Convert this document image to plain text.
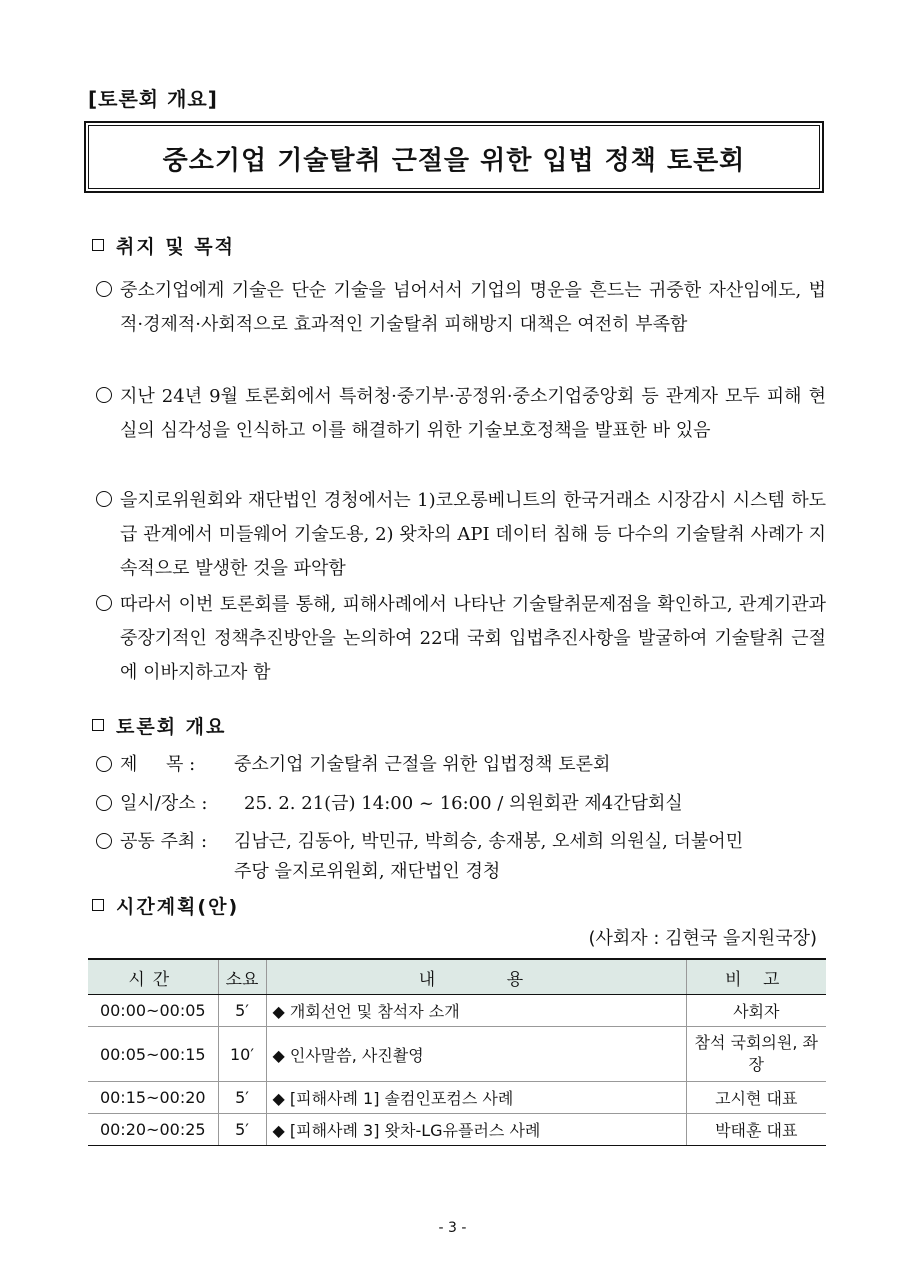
[토론회 개요]
중소기업 기술탈취 근절을 위한 입법 정책 토론회
취지 및 목적
중소기업에게 기술은 단순 기술을 넘어서서 기업의 명운을 흔드는 귀중한 자산임에도, 법적·경제적·사회적으로 효과적인 기술탈취 피해방지 대책은 여전히 부족함
지난 24년 9월 토론회에서 특허청·중기부·공정위·중소기업중앙회 등 관계자 모두 피해 현실의 심각성을 인식하고 이를 해결하기 위한 기술보호정책을 발표한 바 있음
을지로위원회와 재단법인 경청에서는 1)코오롱베니트의 한국거래소 시장감시 시스템 하도급 관계에서 미들웨어 기술도용, 2) 왓차의 API 데이터 침해 등 다수의 기술탈취 사례가 지속적으로 발생한 것을 파악함
따라서 이번 토론회를 통해, 피해사례에서 나타난 기술탈취문제점을 확인하고, 관계기관과 중장기적인 정책추진방안을 논의하여 22대 국회 입법추진사항을 발굴하여 기술탈취 근절에 이바지하고자 함
토론회 개요
제     목 : 중소기업 기술탈취 근절을 위한 입법정책 토론회
일시/장소 : 25. 2. 21(금) 14:00 ~ 16:00 / 의원회관 제4간담회실
공동 주최 : 김남근, 김동아, 박민규, 박희승, 송재봉, 오세희 의원실, 더불어민
주당 을지로위원회, 재단법인 경청
시간계획(안)
(사회자 : 김현국 을지원국장)
시간	소요	내    용	비 고
00:00~00:05	5′	◆ 개회선언 및 참석자 소개	사회자
00:05~00:15	10′	◆ 인사말씀, 사진촬영	참석 국회의원, 좌장
00:15~00:20	5′	◆ [피해사례 1] 솔컴인포컴스 사례	고시현 대표
00:20~00:25	5′	◆ [피해사례 3] 왓차-LG유플러스 사례	박태훈 대표
- 3 -
